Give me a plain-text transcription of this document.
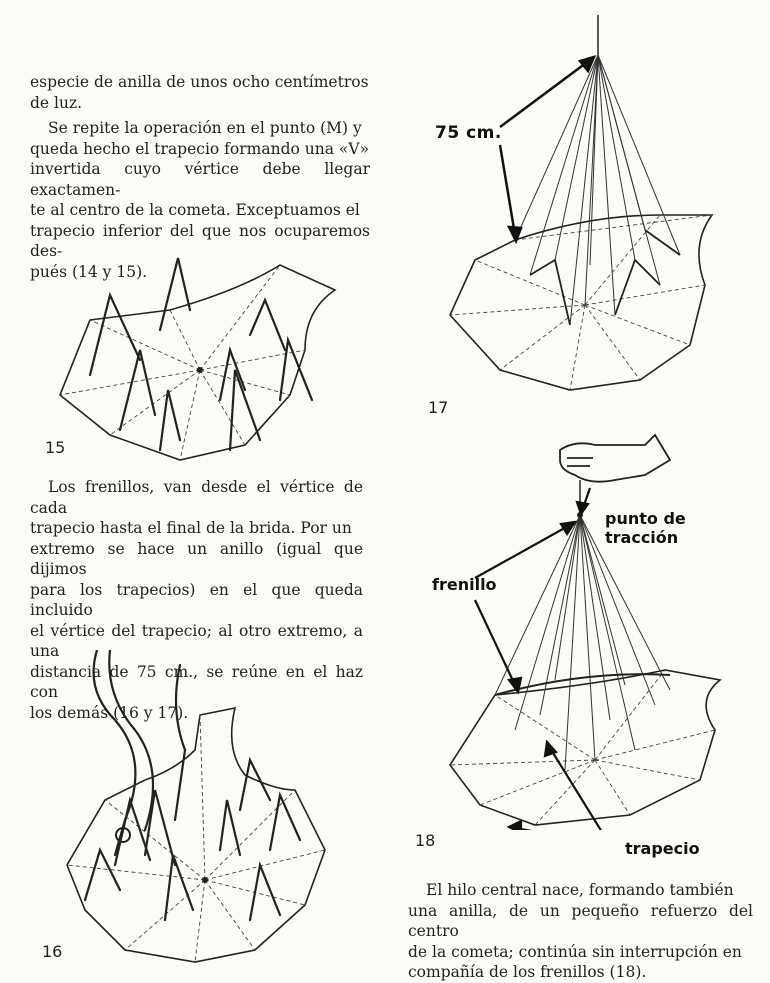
especie de anilla de unos ocho centímetros

de luz.

Se repite la operación en el punto (M) y

queda hecho el trapecio formando una «V»

invertida cuyo vértice debe llegar exactamen-

te al centro de la cometa. Exceptuamos el

trapecio inferior del que nos ocuparemos des-

pués (14 y 15).

15

Los frenillos, van desde el vértice de cada

trapecio hasta el final de la brida. Por un

extremo se hace un anillo (igual que dijimos

para los trapecios) en el que queda incluido

el vértice del trapecio; al otro extremo, a una

distancia de 75 cm., se reúne en el haz con

los demás (16 y 17).

16
75 cm.
17
punto de
tracción
frenillo
trapecio
18

El hilo central nace, formando también

una anilla, de un pequeño refuerzo del centro

de la cometa; continúa sin interrupción en

compañía de los frenillos (18).
